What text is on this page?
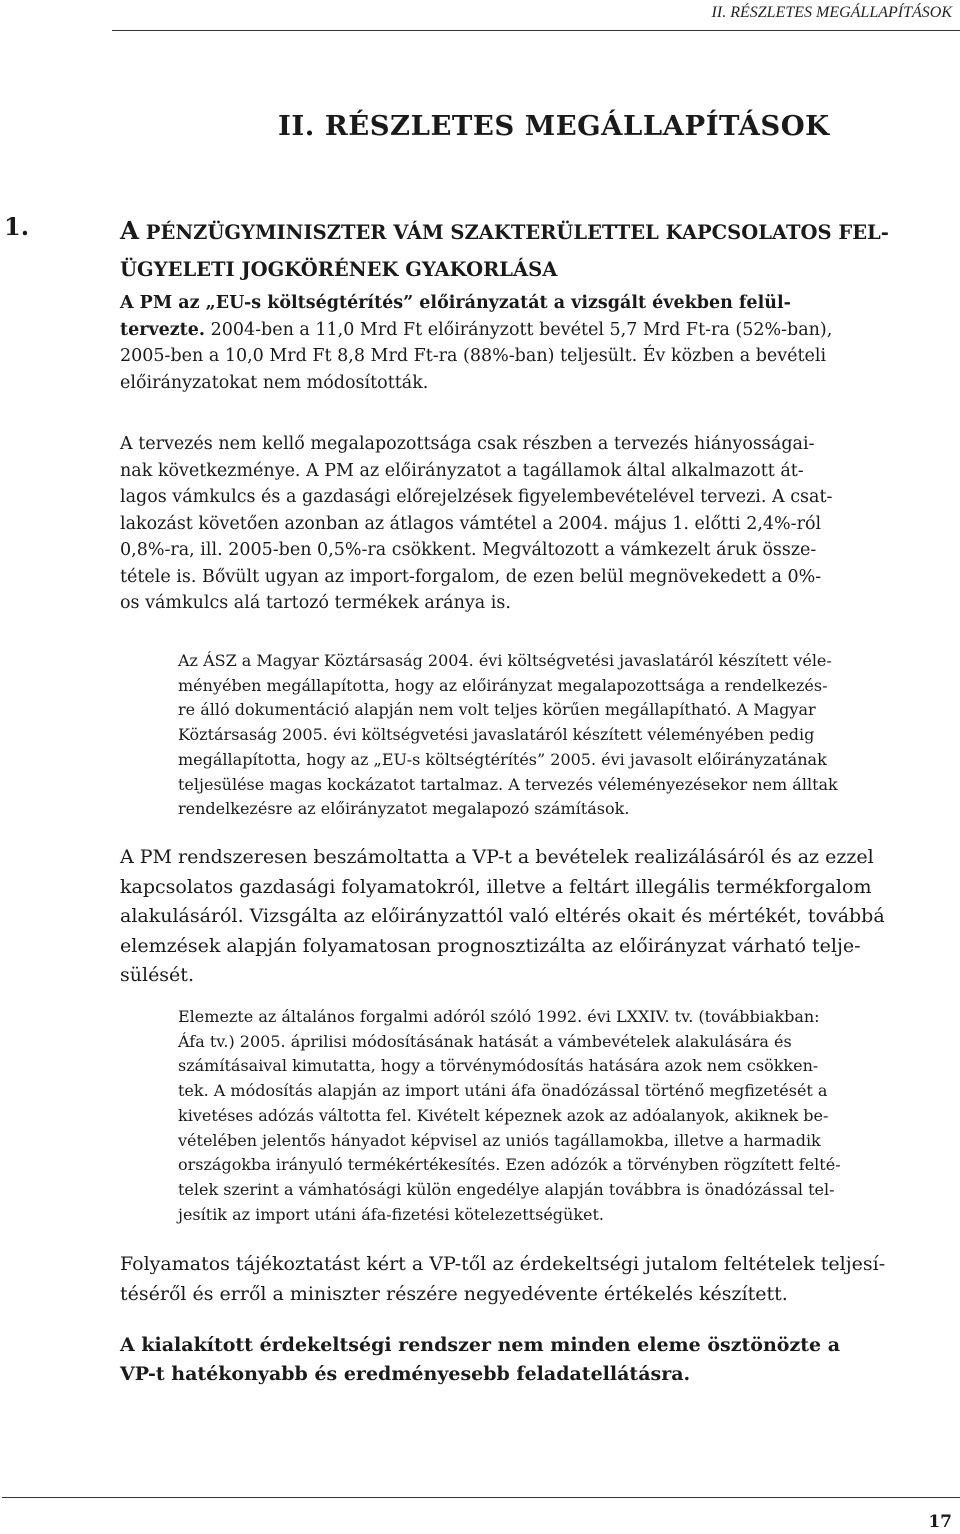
II. RÉSZLETES MEGÁLLAPÍTÁSOK
II. RÉSZLETES MEGÁLLAPÍTÁSOK
1.	A PÉNZÜGYMINISZTER VÁM SZAKTERÜLETTEL KAPCSOLATOS FEL-
ÜGYELETI JOGKÖRÉNEK GYAKORLÁSA

A PM az „EU-s költségtérítés” előirányzatát a vizsgált években felül-
tervezte. 2004-ben a 11,0 Mrd Ft előirányzott bevétel 5,7 Mrd Ft-ra (52%-ban),
2005-ben a 10,0 Mrd Ft 8,8 Mrd Ft-ra (88%-ban) teljesült. Év közben a bevételi
előirányzatokat nem módosították.

A tervezés nem kellő megalapozottsága csak részben a tervezés hiányosságai-
nak következménye. A PM az előirányzatot a tagállamok által alkalmazott át-
lagos vámkulcs és a gazdasági előrejelzések figyelembevételével tervezi. A csat-
lakozást követően azonban az átlagos vámtétel a 2004. május 1. előtti 2,4%-ról
0,8%-ra, ill. 2005-ben 0,5%-ra csökkent. Megváltozott a vámkezelt áruk össze-
tétele is. Bővült ugyan az import-forgalom, de ezen belül megnövekedett a 0%-
os vámkulcs alá tartozó termékek aránya is.

Az ÁSZ a Magyar Köztársaság 2004. évi költségvetési javaslatáról készített véle-
ményében megállapította, hogy az előirányzat megalapozottsága a rendelkezés-
re álló dokumentáció alapján nem volt teljes körűen megállapítható. A Magyar
Köztársaság 2005. évi költségvetési javaslatáról készített véleményében pedig
megállapította, hogy az „EU-s költségtérítés” 2005. évi javasolt előirányzatának
teljesülése magas kockázatot tartalmaz. A tervezés véleményezésekor nem álltak
rendelkezésre az előirányzatot megalapozó számítások.

A PM rendszeresen beszámoltatta a VP-t a bevételek realizálásáról és az ezzel
kapcsolatos gazdasági folyamatokról, illetve a feltárt illegális termékforgalom
alakulásáról. Vizsgálta az előirányzattól való eltérés okait és mértékét, továbbá
elemzések alapján folyamatosan prognosztizálta az előirányzat várható telje-
sülését.

Elemezte az általános forgalmi adóról szóló 1992. évi LXXIV. tv. (továbbiakban:
Áfa tv.) 2005. áprilisi módosításának hatását a vámbevételek alakulására és
számításaival kimutatta, hogy a törvénymódosítás hatására azok nem csökken-
tek. A módosítás alapján az import utáni áfa önadózással történő megfizetését a
kivetéses adózás váltotta fel. Kivételt képeznek azok az adóalanyok, akiknek be-
vételében jelentős hányadot képvisel az uniós tagállamokba, illetve a harmadik
országokba irányuló termékértékesítés. Ezen adózók a törvényben rögzített felté-
telek szerint a vámhatósági külön engedélye alapján továbbra is önadózással tel-
jesítik az import utáni áfa-fizetési kötelezettségüket.

Folyamatos tájékoztatást kért a VP-től az érdekeltségi jutalom feltételek teljesí-
téséről és erről a miniszter részére negyedévente értékelés készített.

A kialakított érdekeltségi rendszer nem minden eleme ösztönözte a
VP-t hatékonyabb és eredményesebb feladatellátásra.

17
